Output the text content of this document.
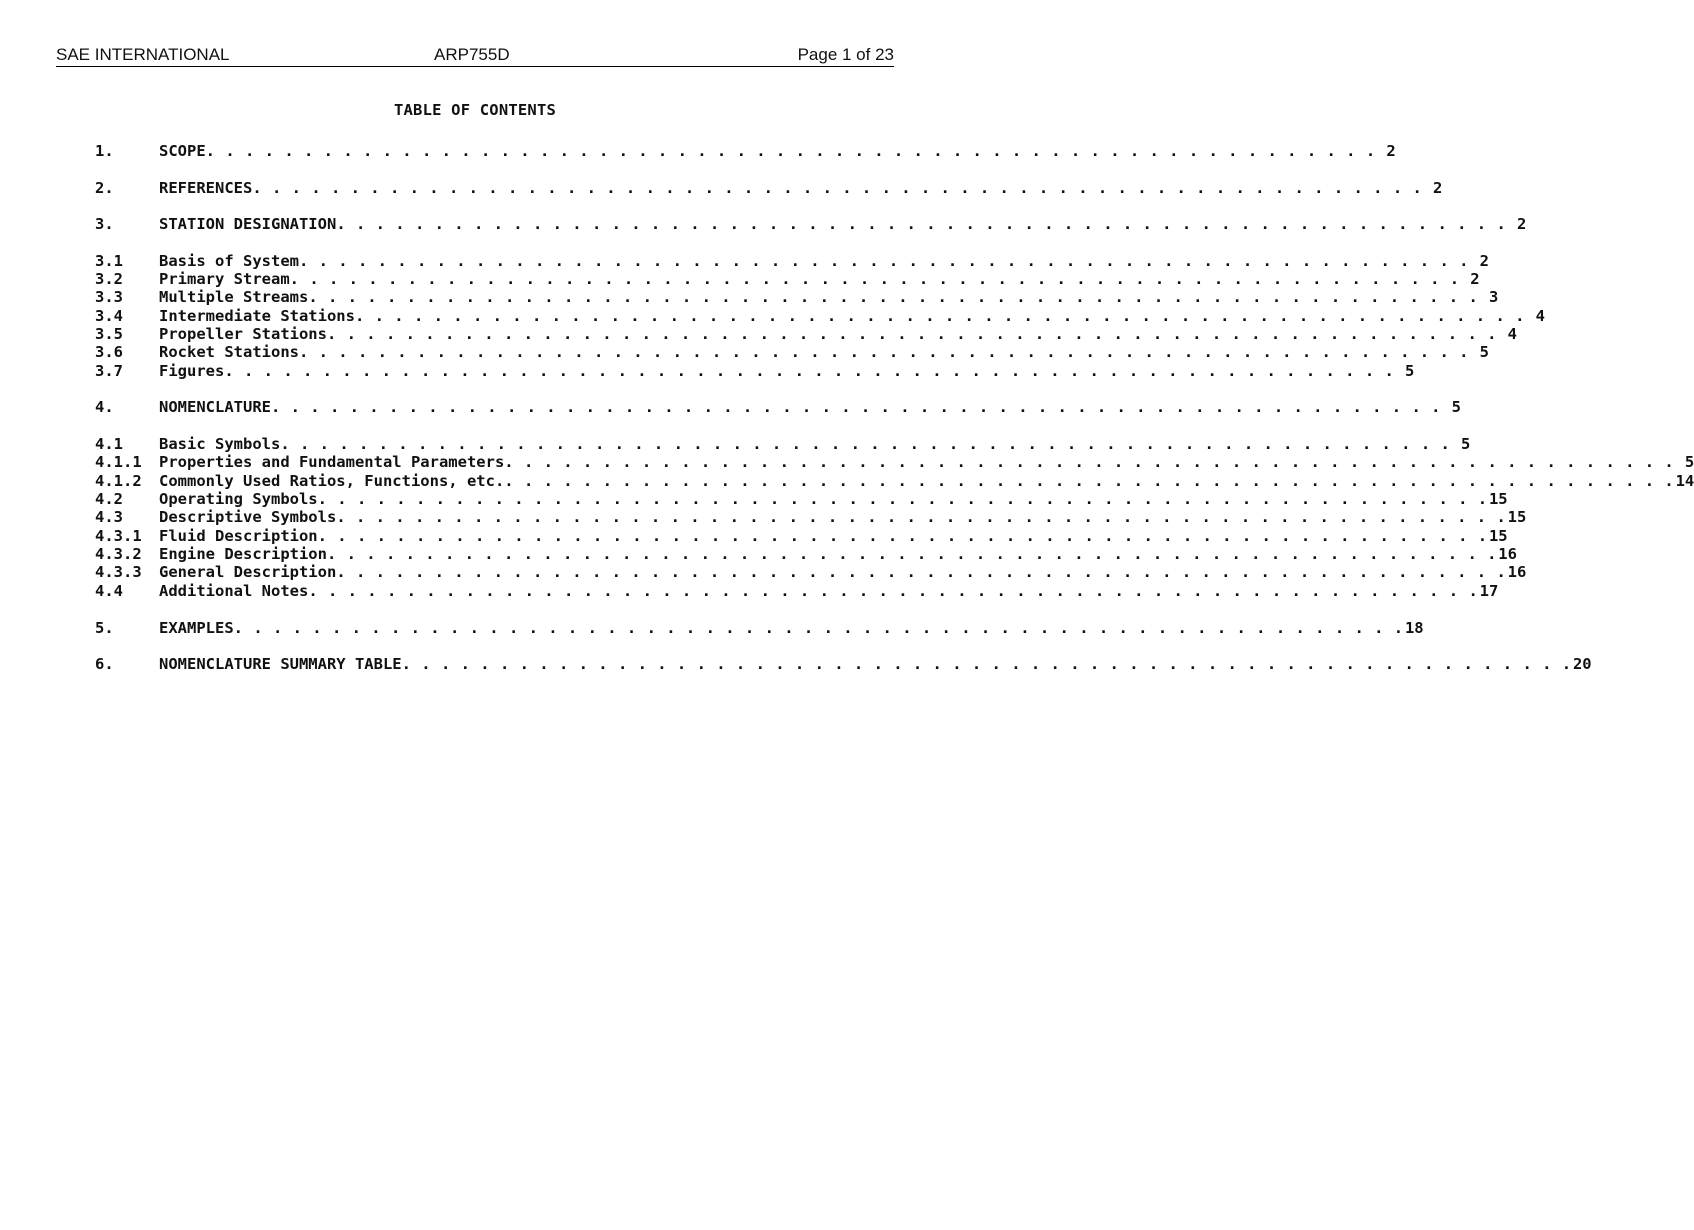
SAE INTERNATIONAL	ARP755D	Page 1 of 23
TABLE OF CONTENTS
1.	SCOPE . . . . . . . . . . . . . . . . . . . . . . . . . . . . . . . . . . . . . . . . . . . . . . . . . . . . . . . . . . . . 2
2.	REFERENCES . . . . . . . . . . . . . . . . . . . . . . . . . . . . . . . . . . . . . . . . . . . . . . . . . . . . . . . . . . . . 2
3.	STATION DESIGNATION . . . . . . . . . . . . . . . . . . . . . . . . . . . . . . . . . . . . . . . . . . . . . . . . . . . . . . . . . . . . 2
3.1 Basis of System . . . . . . . . . . . . . . . . . . . . . . . . . . . . . . . . . . . . . . . . . . . . . . . . . . . . . . . . . . . . 2
3.2 Primary Stream . . . . . . . . . . . . . . . . . . . . . . . . . . . . . . . . . . . . . . . . . . . . . . . . . . . . . . . . . . . . 2
3.3 Multiple Streams . . . . . . . . . . . . . . . . . . . . . . . . . . . . . . . . . . . . . . . . . . . . . . . . . . . . . . . . . . . . 3
3.4 Intermediate Stations . . . . . . . . . . . . . . . . . . . . . . . . . . . . . . . . . . . . . . . . . . . . . . . . . . . . . . . . . . . . 4
3.5 Propeller Stations . . . . . . . . . . . . . . . . . . . . . . . . . . . . . . . . . . . . . . . . . . . . . . . . . . . . . . . . . . . . 4
3.6 Rocket Stations . . . . . . . . . . . . . . . . . . . . . . . . . . . . . . . . . . . . . . . . . . . . . . . . . . . . . . . . . . . . 5
3.7 Figures . . . . . . . . . . . . . . . . . . . . . . . . . . . . . . . . . . . . . . . . . . . . . . . . . . . . . . . . . . . . 5
4.	NOMENCLATURE . . . . . . . . . . . . . . . . . . . . . . . . . . . . . . . . . . . . . . . . . . . . . . . . . . . . . . . . . . . . 5
4.1 Basic Symbols . . . . . . . . . . . . . . . . . . . . . . . . . . . . . . . . . . . . . . . . . . . . . . . . . . . . . . . . . . . . 5
4.1.1 Properties and Fundamental Parameters . . . . . . . . . . . . . . . . . . . . . . . . . . . . . . . . . . . . . . . . . . . . . . . . . . . . . . . . . . . . 5
4.1.2 Commonly Used Ratios, Functions, etc. . . . . . . . . . . . . . . . . . . . . . . . . . . . . . . . . . . . . . . . . . . . . . . . . . . . . . . . . . . . . 14
4.2 Operating Symbols . . . . . . . . . . . . . . . . . . . . . . . . . . . . . . . . . . . . . . . . . . . . . . . . . . . . . . . . . . . . 15
4.3 Descriptive Symbols . . . . . . . . . . . . . . . . . . . . . . . . . . . . . . . . . . . . . . . . . . . . . . . . . . . . . . . . . . . . 15
4.3.1 Fluid Description . . . . . . . . . . . . . . . . . . . . . . . . . . . . . . . . . . . . . . . . . . . . . . . . . . . . . . . . . . . . 15
4.3.2 Engine Description . . . . . . . . . . . . . . . . . . . . . . . . . . . . . . . . . . . . . . . . . . . . . . . . . . . . . . . . . . . . 16
4.3.3 General Description . . . . . . . . . . . . . . . . . . . . . . . . . . . . . . . . . . . . . . . . . . . . . . . . . . . . . . . . . . . . 16
4.4 Additional Notes . . . . . . . . . . . . . . . . . . . . . . . . . . . . . . . . . . . . . . . . . . . . . . . . . . . . . . . . . . . . 17
5.	EXAMPLES . . . . . . . . . . . . . . . . . . . . . . . . . . . . . . . . . . . . . . . . . . . . . . . . . . . . . . . . . . . . 18
6.	NOMENCLATURE SUMMARY TABLE . . . . . . . . . . . . . . . . . . . . . . . . . . . . . . . . . . . . . . . . . . . . . . . . . . . . . . . . . . . . 20
